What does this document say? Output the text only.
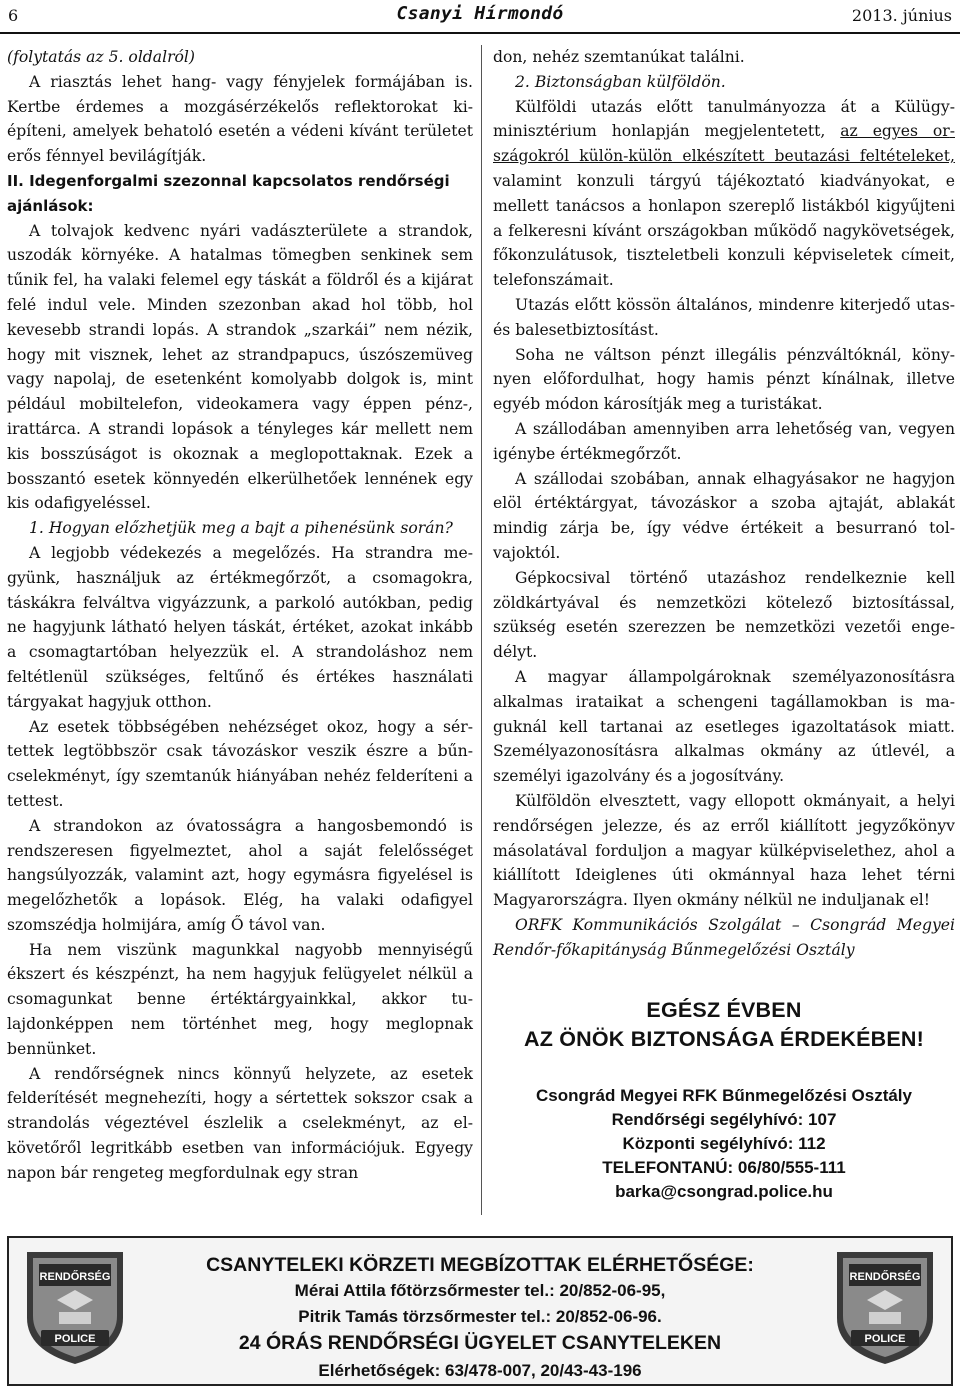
6	Csanyi Hírmondó	2013. június

(folytatás az 5. oldalról)

A riasztás lehet hang- vagy fényjelek formájában is. Kertbe érdemes a mozgásérzékelős reflektorokat kiépíteni, amelyek behatoló esetén a védeni kívánt területet erős fénnyel bevilágítják.

II. Idegenforgalmi szezonnal kapcsolatos rendőrségi ajánlások:

A tolvajok kedvenc nyári vadászterülete a strandok, uszodák környéke. A hatalmas tömegben senkinek sem tűnik fel, ha valaki felemel egy táskát a földről és a kijárat felé indul vele. Minden szezonban akad hol több, hol kevesebb strandi lopás. A strandok „szarkái” nem nézik, hogy mit visznek, lehet az strandpapucs, úszószemüveg vagy napolaj, de esetenként komolyabb dolgok is, mint például mobiltelefon, videokamera vagy éppen pénz-, irattárca. A strandi lopások a tényleges kár mellett nem kis bosszúságot is okoznak a meglopottaknak. Ezek a bosszantó esetek könnyedén elkerülhetőek lennének egy kis odafigyeléssel.

1. Hogyan előzhetjük meg a bajt a pihenésünk során?

A legjobb védekezés a megelőzés. Ha strandra megyünk, használjuk az értékmegőrzőt, a csomagokra, táskákra felváltva vigyázzunk, a parkoló autókban, pedig ne hagyjunk látható helyen táskát, értéket, azokat inkább a csomagtartóban helyezzük el. A strandoláshoz nem feltétlenül szükséges, feltűnő és értékes használati tárgyakat hagyjuk otthon.

Az esetek többségében nehézséget okoz, hogy a sértettek legtöbbször csak távozáskor veszik észre a bűncselekményt, így szemtanúk hiányában nehéz felderíteni a tettest.

A strandokon az óvatosságra a hangosbemondó is rendszeresen figyelmeztet, ahol a saját felelősséget hangsúlyozzák, valamint azt, hogy egymásra figyelésel is megelőzhetők a lopások. Elég, ha valaki odafigyel szomszédja holmijára, amíg Ő távol van.

Ha nem viszünk magunkkal nagyobb mennyiségű ékszert és készpénzt, ha nem hagyjuk felügyelet nélkül a csomagunkat benne értéktárgyainkkal, akkor tulajdonképpen nem történhet meg, hogy meglopnak bennünket.

A rendőrségnek nincs könnyű helyzete, az esetek felderítését megnehezíti, hogy a sértettek sokszor csak a strandolás végeztével észlelik a cselekményt, az elkövetőről legritkább esetben van információjuk. Egyegy napon bár rengeteg megfordulnak egy stran

don, nehéz szemtanúkat találni.

2. Biztonságban külföldön.

Külföldi utazás előtt tanulmányozza át a Külügyminisztérium honlapján megjelentetett, az egyes országokról külön-külön elkészített beutazási feltételeket, valamint konzuli tárgyú tájékoztató kiadványokat, e mellett tanácsos a honlapon szereplő listákból kigyűjteni a felkeresni kívánt országokban működő nagykövetségek, főkonzulátusok, tiszteletbeli konzuli képviseletek címeit, telefonszámait.

Utazás előtt kössön általános, mindenre kiterjedő utas- és balesetbiztosítást.

Soha ne váltson pénzt illegális pénzváltóknál, könynyen előfordulhat, hogy hamis pénzt kínálnak, illetve egyéb módon károsítják meg a turistákat.

A szállodában amennyiben arra lehetőség van, vegyen igénybe értékmegőrzőt.

A szállodai szobában, annak elhagyásakor ne hagyjon elöl értéktárgyat, távozáskor a szoba ajtaját, ablakát mindig zárja be, így védve értékeit a besurranó tolvajoktól.

Gépkocsival történő utazáshoz rendelkeznie kell zöldkártyával és nemzetközi kötelező biztosítással, szükség esetén szerezzen be nemzetközi vezetői engedélyt.

A magyar állampolgároknak személyazonosításra alkalmas irataikat a schengeni tagállamokban is maguknál kell tartanai az esetleges igazoltatások miatt. Személyazonosításra alkalmas okmány az útlevél, a személyi igazolvány és a jogosítvány.

Külföldön elvesztett, vagy ellopott okmányait, a helyi rendőrségen jelezze, és az erről kiállított jegyzőkönyv másolatával forduljon a magyar külképviselethez, ahol a kiállított Ideiglenes úti okmánnyal haza lehet térni Magyarországra. Ilyen okmány nélkül ne induljanak el!

ORFK Kommunikációs Szolgálat – Csongrád Megyei Rendőr-főkapitányság Bűnmegelőzési Osztály

EGÉSZ ÉVBEN
AZ ÖNÖK BIZTONSÁGA ÉRDEKÉBEN!
Csongrád Megyei RFK Bűnmegelőzési Osztály
Rendőrségi segélyhívó: 107
Központi segélyhívó: 112
TELEFONTANÚ: 06/80/555-111
barka@csongrad.police.hu
RENDŐRSÉG
POLICE
CSANYTELEKI KÖRZETI MEGBÍZOTTAK ELÉRHETŐSÉGE:
Mérai Attila főtörzsőrmester tel.: 20/852-06-95,
Pitrik Tamás törzsőrmester tel.: 20/852-06-96.
24 ÓRÁS RENDŐRSÉGI ÜGYELET CSANYTELEKEN
Elérhetőségek: 63/478-007, 20/43-43-196
RENDŐRSÉG
POLICE
